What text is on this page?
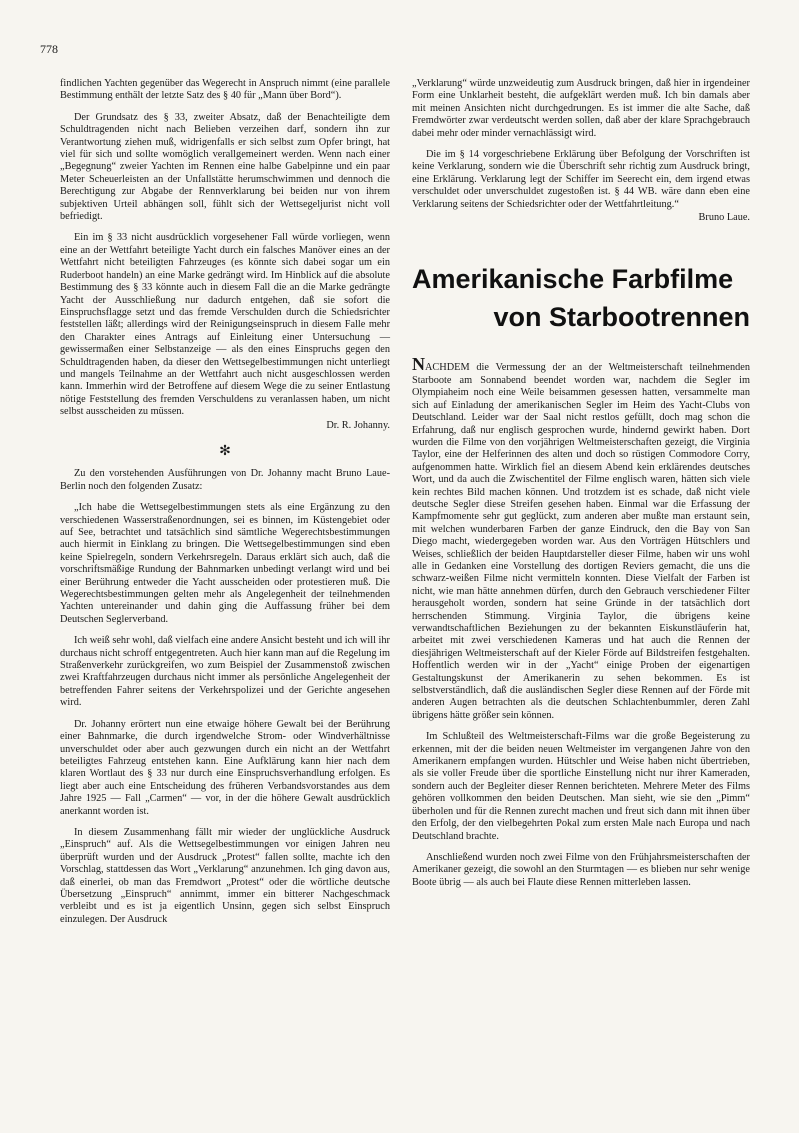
778

findlichen Yachten gegenüber das Wegerecht in Anspruch nimmt (eine parallele Bestimmung enthält der letzte Satz des § 40 für „Mann über Bord“).

Der Grundsatz des § 33, zweiter Absatz, daß der Benachteiligte dem Schuldtragenden nicht nach Belieben verzeihen darf, sondern ihn zur Verantwortung ziehen muß, widrigenfalls er sich selbst zum Opfer bringt, hat viel für sich und sollte womöglich verallgemeinert werden. Wenn nach einer „Begegnung“ zweier Yachten im Rennen eine halbe Gabelpinne und ein paar Meter Scheuerleisten an der Unfallstätte herumschwimmen und dennoch die Berechtigung zur Abgabe der Rennverklarung bei beiden nur von ihrem subjektiven Urteil abhängen soll, fühlt sich der Wettsegeljurist nicht voll befriedigt.

Ein im § 33 nicht ausdrücklich vorgesehener Fall würde vorliegen, wenn eine an der Wettfahrt beteiligte Yacht durch ein falsches Manöver eines an der Wettfahrt nicht beteiligten Fahrzeuges (es könnte sich dabei sogar um ein Ruderboot handeln) an eine Marke gedrängt wird. Im Hinblick auf die absolute Bestimmung des § 33 könnte auch in diesem Fall die an die Marke gedrängte Yacht der Ausschließung nur dadurch entgehen, daß sie sofort die Einspruchsflagge setzt und das fremde Verschulden durch die Schiedsrichter feststellen läßt; allerdings wird der Reinigungseinspruch in diesem Falle mehr den Charakter eines Antrags auf Einleitung einer Untersuchung — gewissermaßen einer Selbstanzeige — als den eines Einspruchs gegen den Schuldtragenden haben, da dieser den Wettsegelbestimmungen nicht unterliegt und mangels Teilnahme an der Wettfahrt auch nicht ausgeschlossen werden kann. Immerhin wird der Betroffene auf diesem Wege die zu seiner Entlastung nötige Feststellung des fremden Verschuldens zu veranlassen haben, um nicht selbst ausscheiden zu müssen.
Dr. R. Johanny.

✻

Zu den vorstehenden Ausführungen von Dr. Johanny macht Bruno Laue-Berlin noch den folgenden Zusatz:

„Ich habe die Wettsegelbestimmungen stets als eine Ergänzung zu den verschiedenen Wasserstraßenordnungen, sei es binnen, im Küstengebiet oder auf See, betrachtet und tatsächlich sind sämtliche Wegerechtsbestimmungen auch hiermit in Einklang zu bringen. Die Wettsegelbestimmungen sind eben keine Spielregeln, sondern Verkehrsregeln. Daraus erklärt sich auch, daß die vorschriftsmäßige Rundung der Bahnmarken unbedingt verlangt wird und bei einer Berührung entweder die Yacht ausscheiden oder protestieren muß. Die Wegerechtsbestimmungen gelten mehr als Angelegenheit der teilnehmenden Yachten untereinander und dahin ging die Auffassung früher bei dem Deutschen Seglerverband.

Ich weiß sehr wohl, daß vielfach eine andere Ansicht besteht und ich will ihr durchaus nicht schroff entgegentreten. Auch hier kann man auf die Regelung im Straßenverkehr zurückgreifen, wo zum Beispiel der Zusammenstoß zwischen zwei Kraftfahrzeugen durchaus nicht immer als persönliche Angelegenheit der betreffenden Fahrer seitens der Verkehrspolizei und der Gerichte angesehen wird.

Dr. Johanny erörtert nun eine etwaige höhere Gewalt bei der Berührung einer Bahnmarke, die durch irgendwelche Strom- oder Windverhältnisse unverschuldet oder aber auch gezwungen durch ein nicht an der Wettfahrt beteiligtes Fahrzeug entstehen kann. Eine Aufklärung kann hier nach dem klaren Wortlaut des § 33 nur durch eine Einspruchsverhandlung erfolgen. Es liegt aber auch eine Entscheidung des früheren Verbandsvorstandes aus dem Jahre 1925 — Fall „Carmen“ — vor, in der die höhere Gewalt ausdrücklich anerkannt worden ist.

In diesem Zusammenhang fällt mir wieder der unglückliche Ausdruck „Einspruch“ auf. Als die Wettsegelbestimmungen vor einigen Jahren neu überprüft wurden und der Ausdruck „Protest“ fallen sollte, machte ich den Vorschlag, stattdessen das Wort „Verklarung“ anzunehmen. Ich ging davon aus, daß einerlei, ob man das Fremdwort „Protest“ oder die wörtliche deutsche Übersetzung „Einspruch“ annimmt, immer ein bitterer Nachgeschmack verbleibt und es ist ja eigentlich Unsinn, gegen sich selbst Einspruch einzulegen. Der Ausdruck

„Verklarung“ würde unzweideutig zum Ausdruck bringen, daß hier in irgendeiner Form eine Unklarheit besteht, die aufgeklärt werden muß. Ich bin damals aber mit meinen Ansichten nicht durchgedrungen. Es ist immer die alte Sache, daß Fremdwörter zwar verdeutscht werden sollen, daß aber der klare Sprachgebrauch dabei mehr oder minder vernachlässigt wird.

Die im § 14 vorgeschriebene Erklärung über Befolgung der Vorschriften ist keine Verklarung, sondern wie die Überschrift sehr richtig zum Ausdruck bringt, eine Erklärung. Verklarung legt der Schiffer im Seerecht ein, dem irgend etwas verschuldet oder unverschuldet zugestoßen ist. § 44 WB. wäre dann eben eine Verklarung seitens der Schiedsrichter oder der Wettfahrtleitung.“
Bruno Laue.

Amerikanische Farbfilme
von Starbootrennen

NACHDEM die Vermessung der an der Weltmeisterschaft teilnehmenden Starboote am Sonnabend beendet worden war, nachdem die Segler im Olympiaheim noch eine Weile beisammen gesessen hatten, versammelte man sich auf Einladung der amerikanischen Segler im Heim des Yacht-Clubs von Deutschland. Leider war der Saal nicht restlos gefüllt, doch mag schon die Erfahrung, daß nur englisch gesprochen wurde, hindernd gewirkt haben. Dort wurden die Filme von den vorjährigen Weltmeisterschaften gezeigt, die Virginia Taylor, eine der Helferinnen des alten und doch so rüstigen Commodore Corry, aufgenommen hatte. Wirklich fiel an diesem Abend kein erklärendes deutsches Wort, und da auch die Zwischentitel der Filme englisch waren, hätten sich viele kein rechtes Bild machen können. Und trotzdem ist es schade, daß nicht viele deutsche Segler diese Streifen gesehen haben. Einmal war die Erfassung der Kampfmomente sehr gut geglückt, zum anderen aber mußte man erstaunt sein, mit welchen wunderbaren Farben der ganze Eindruck, den die Bay von San Diego macht, wiedergegeben worden war. Aus den Vorträgen Hütschlers und Weises, schließlich der beiden Hauptdarsteller dieser Filme, haben wir uns wohl alle in Gedanken eine Vorstellung des dortigen Reviers gemacht, die uns die schwarz-weißen Filme nicht vermitteln konnten. Diese Vielfalt der Farben ist nicht, wie man hätte annehmen dürfen, durch den Gebrauch verschiedener Filter herausgeholt worden, sondern hat seine Gründe in der tatsächlich dort herrschenden Stimmung. Virginia Taylor, die übrigens keine verwandtschaftlichen Beziehungen zu der bekannten Eiskunstläuferin hat, arbeitet mit zwei verschiedenen Kameras und hat auch die Rennen der diesjährigen Weltmeisterschaft auf der Kieler Förde auf Bildstreifen festgehalten. Hoffentlich werden wir in der „Yacht“ einige Proben der eigenartigen Gestaltungskunst der Amerikanerin zu sehen bekommen. Es ist selbstverständlich, daß die ausländischen Segler diese Rennen auf der Förde mit anderen Augen betrachten als die deutschen Schlachtenbummler, deren Zahl übrigens hätte größer sein können.

Im Schlußteil des Weltmeisterschaft-Films war die große Begeisterung zu erkennen, mit der die beiden neuen Weltmeister im vergangenen Jahre von den Amerikanern empfangen wurden. Hütschler und Weise haben nicht übertrieben, als sie voller Freude über die sportliche Einstellung nicht nur ihrer Kameraden, sondern auch der Begleiter dieser Rennen berichteten. Mehrere Meter des Films gehören vollkommen den beiden Deutschen. Man sieht, wie sie den „Pimm“ überholen und für die Rennen zurecht machen und freut sich dann mit ihnen über den Erfolg, der den vielbegehrten Pokal zum ersten Male nach Europa und nach Deutschland brachte.

Anschließend wurden noch zwei Filme von den Frühjahrsmeisterschaften der Amerikaner gezeigt, die sowohl an den Sturmtagen — es blieben nur sehr wenige Boote übrig — als auch bei Flaute diese Rennen mitterleben lassen.
